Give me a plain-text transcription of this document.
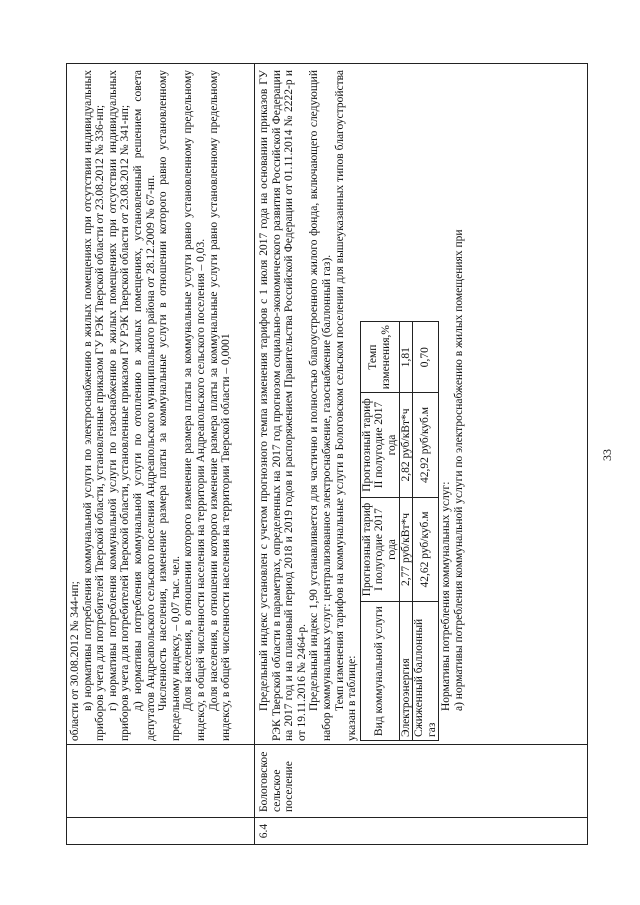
33

области от 30.08.2012 № 344-нп; в) нормативы потребления коммунальной услуги по электроснабжению в жилых помещениях при отсутствии индивидуальных приборов учета для потребителей Тверской области, установленные приказом ГУ РЭК Тверской области от 23.08.2012 № 336-нп; г) нормативы потребления коммунальной услуги по газоснабжению в жилых помещениях при отсутствии индивидуальных приборов учета для потребителей Тверской области, установленные приказом ГУ РЭК Тверской области от 23.08.2012 № 341-нп; д) нормативы потребления коммунальной услуги по отоплению в жилых помещениях, установленный решением совета депутатов Андреапольского сельского поселения Андреапольского муниципального района от 28.12.2009 № 67-нп. Численность населения, изменение размера платы за коммунальные услуги в отношении которого равно установленному предельному индексу, – 0,07 тыс. чел. Доля населения, в отношении которого изменение размера платы за коммунальные услуги равно установленному предельному индексу, в общей численности населения на территории Андреапольского сельского поселения – 0,03. Доля населения, в отношении которого изменение размера платы за коммунальные услуги равно установленному предельному индексу, в общей численности населения на территории Тверской области – 0,0001

6.4
Бологовское сельское поселение

Предельный индекс установлен с учетом прогнозного темпа изменения тарифов с 1 июля 2017 года на основании приказов ГУ РЭК Тверской области в параметрах, определенных на 2017 год прогнозом социально-экономического развития Российской Федерации на 2017 год и на плановый период 2018 и 2019 годов и распоряжением Правительства Российской Федерации от 01.11.2014 № 2222-р и от 19.11.2016 № 2464-р. Предельный индекс 1,90 устанавливается для частично и полностью благоустроенного жилого фонда, включающего следующий набор коммунальных услуг: централизованное электроснабжение, газоснабжение (баллонный газ). Темп изменения тарифов на коммунальные услуги в Бологовском сельском поселении для вышеуказанных типов благоустройства указан в таблице: Вид коммунальной услуги	Прогнозный тариф I полугодие 2017 года	Прогнозный тариф II полугодие 2017 года	Темп изменения,%
Электроэнергия	2,77 руб/кВт*ч	2,82 руб/кВт*ч	1,81
Сжиженный баллонный газ	42,62 руб/куб.м	42,92 руб/куб.м	0,70

Нормативы потребления коммунальных услуг: а) нормативы потребления коммунальной услуги по электроснабжению в жилых помещениях при
